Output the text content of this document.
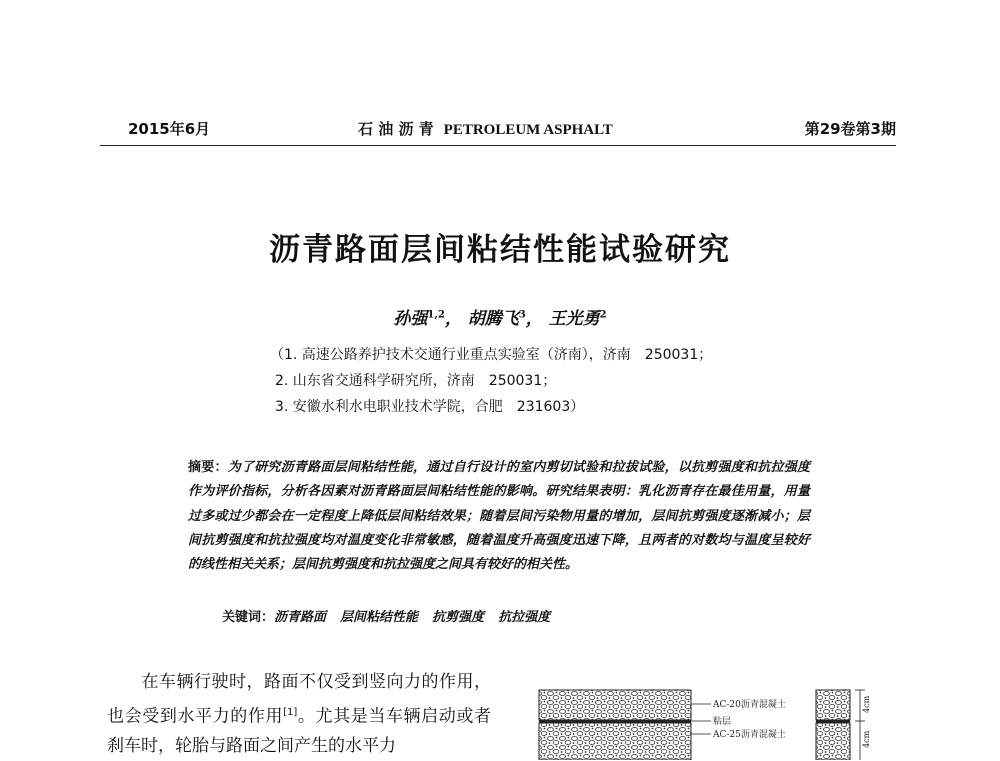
2015年6月	石 油 沥 青 PETROLEUM ASPHALT	第29卷第3期
沥青路面层间粘结性能试验研究
孙强$^{1,2}$， 胡腾飞$^3$， 王光勇$^2$
（1. 高速公路养护技术交通行业重点实验室（济南），济南　250031；
2. 山东省交通科学研究所，济南　250031；
3. 安徽水利水电职业技术学院，合肥　231603）
摘要：为了研究沥青路面层间粘结性能，通过自行设计的室内剪切试验和拉拔试验，以抗剪强度和抗拉强度作为评价指标，分析各因素对沥青路面层间粘结性能的影响。研究结果表明：乳化沥青存在最佳用量，用量过多或过少都会在一定程度上降低层间粘结效果；随着层间污染物用量的增加，层间抗剪强度逐渐减小；层间抗剪强度和抗拉强度均对温度变化非常敏感，随着温度升高强度迅速下降，且两者的对数均与温度呈较好的线性相关关系；层间抗剪强度和抗拉强度之间具有较好的相关性。
关键词：沥青路面 层间粘结性能 抗剪强度 抗拉强度
在车辆行驶时，路面不仅受到竖向力的作用，也会受到水平力的作用[1]。尤其是当车辆启动或者刹车时，轮胎与路面之间产生的水平力
AC-20沥青混凝土
粘层
AC-25沥青混凝土
4cm
4cm
